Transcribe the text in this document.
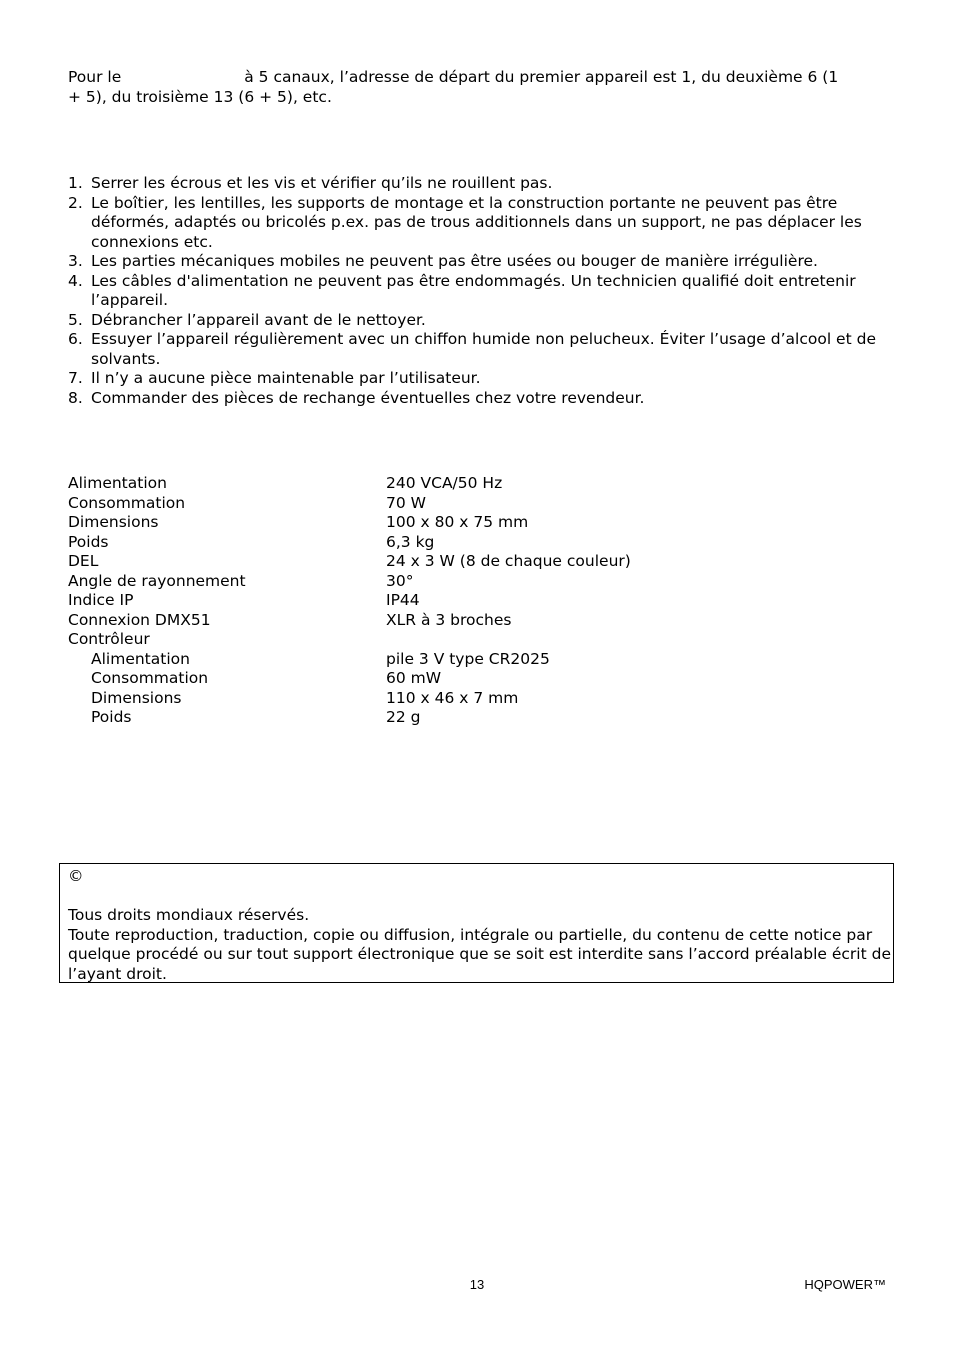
Pour le	à 5 canaux, l’adresse de départ du premier appareil est 1, du deuxième 6 (1
+ 5), du troisième 13 (6 + 5), etc.
1. Serrer les écrous et les vis et vérifier qu’ils ne rouillent pas.
2. Le boîtier, les lentilles, les supports de montage et la construction portante ne peuvent pas être déformés, adaptés ou bricolés p.ex. pas de trous additionnels dans un support, ne pas déplacer les connexions etc.
3. Les parties mécaniques mobiles ne peuvent pas être usées ou bouger de manière irrégulière.
4. Les câbles d'alimentation ne peuvent pas être endommagés. Un technicien qualifié doit entretenir l’appareil.
5. Débrancher l’appareil avant de le nettoyer.
6. Essuyer l’appareil régulièrement avec un chiffon humide non pelucheux. Éviter l’usage d’alcool et de solvants.
7. Il n’y a aucune pièce maintenable par l’utilisateur.
8. Commander des pièces de rechange éventuelles chez votre revendeur.
Alimentation	240 VCA/50 Hz
Consommation	70 W
Dimensions	100 x 80 x 75 mm
Poids	6,3 kg
DEL	24 x 3 W (8 de chaque couleur)
Angle de rayonnement	30°
Indice IP	IP44
Connexion DMX51	XLR à 3 broches
Contrôleur
Alimentation	pile 3 V type CR2025
Consommation	60 mW
Dimensions	110 x 46 x 7 mm
Poids	22 g
©
Tous droits mondiaux réservés.
Toute reproduction, traduction, copie ou diffusion, intégrale ou partielle, du contenu de cette notice par quelque procédé ou sur tout support électronique que se soit est interdite sans l’accord préalable écrit de l’ayant droit.
13	HQPOWER™
